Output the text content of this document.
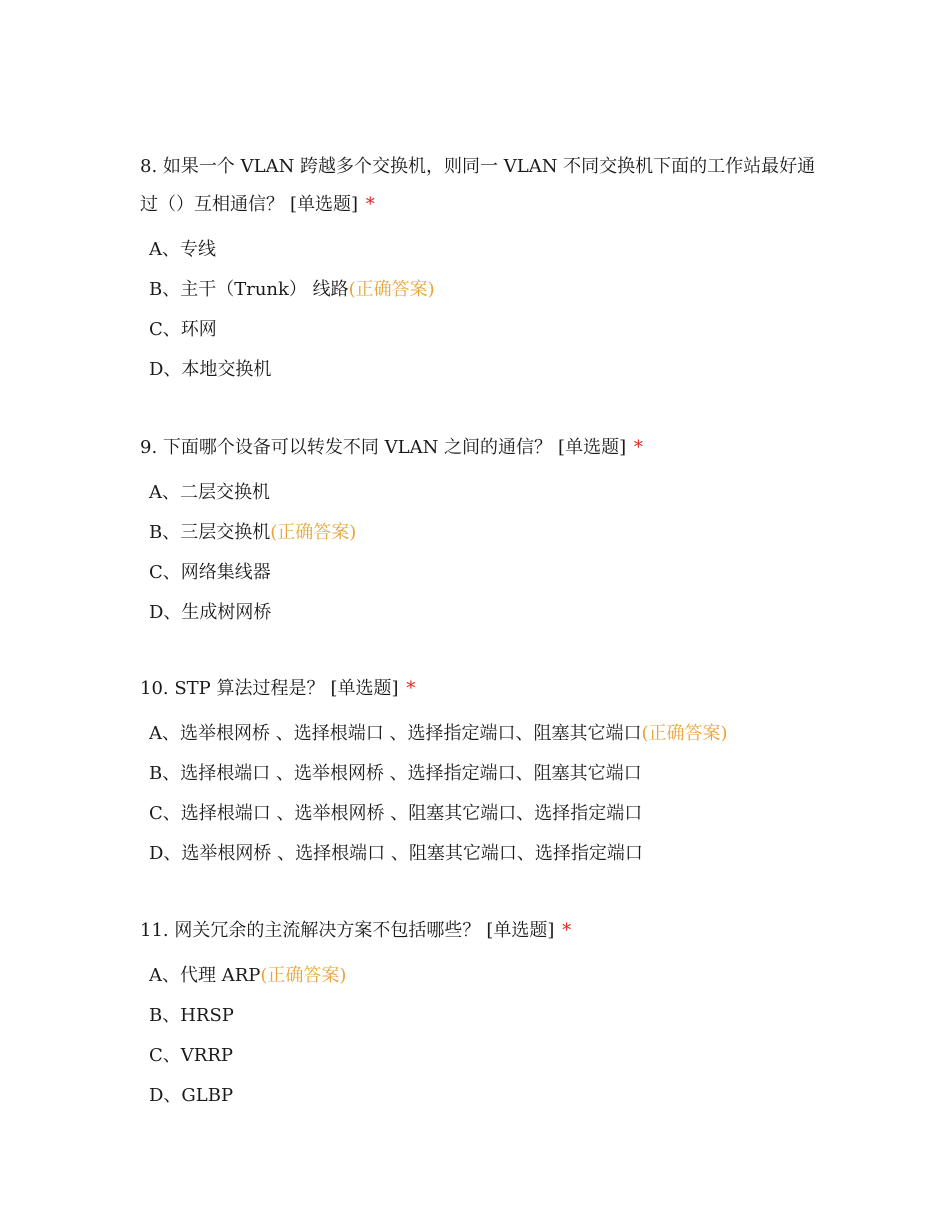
8. 如果一个 VLAN 跨越多个交换机，则同一 VLAN 不同交换机下面的工作站最好通过（）互相通信？ [单选题] *

A、专线
B、主干（Trunk） 线路(正确答案)
C、环网
D、本地交换机

9. 下面哪个设备可以转发不同 VLAN 之间的通信？ [单选题] *

A、二层交换机
B、三层交换机(正确答案)
C、网络集线器
D、生成树网桥

10. STP 算法过程是？ [单选题] *

A、选举根网桥 、选择根端口 、选择指定端口、阻塞其它端口(正确答案)
B、选择根端口 、选举根网桥 、选择指定端口、阻塞其它端口
C、选择根端口 、选举根网桥 、阻塞其它端口、选择指定端口
D、选举根网桥 、选择根端口 、阻塞其它端口、选择指定端口

11. 网关冗余的主流解决方案不包括哪些？ [单选题] *

A、代理 ARP(正确答案)
B、HRSP
C、VRRP
D、GLBP
